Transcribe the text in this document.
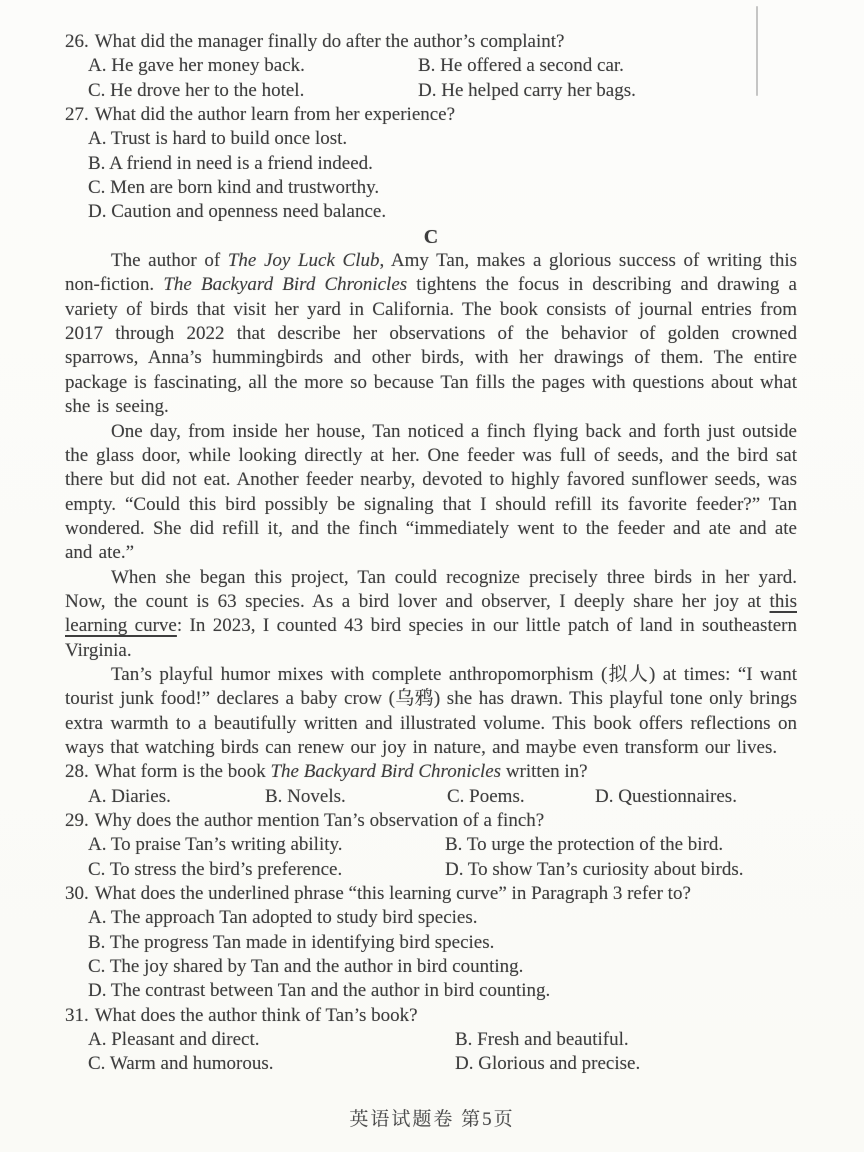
26. What did the manager finally do after the author’s complaint?
A. He gave her money back.	B. He offered a second car.
C. He drove her to the hotel.	D. He helped carry her bags.
27. What did the author learn from her experience?
A. Trust is hard to build once lost.
B. A friend in need is a friend indeed.
C. Men are born kind and trustworthy.
D. Caution and openness need balance.
C

The author of The Joy Luck Club, Amy Tan, makes a glorious success of writing this non-fiction. The Backyard Bird Chronicles tightens the focus in describing and drawing a variety of birds that visit her yard in California. The book consists of journal entries from 2017 through 2022 that describe her observations of the behavior of golden crowned sparrows, Anna’s hummingbirds and other birds, with her drawings of them. The entire package is fascinating, all the more so because Tan fills the pages with questions about what she is seeing.

One day, from inside her house, Tan noticed a finch flying back and forth just outside the glass door, while looking directly at her. One feeder was full of seeds, and the bird sat there but did not eat. Another feeder nearby, devoted to highly favored sunflower seeds, was empty. “Could this bird possibly be signaling that I should refill its favorite feeder?” Tan wondered. She did refill it, and the finch “immediately went to the feeder and ate and ate and ate.”

When she began this project, Tan could recognize precisely three birds in her yard. Now, the count is 63 species. As a bird lover and observer, I deeply share her joy at this learning curve: In 2023, I counted 43 bird species in our little patch of land in southeastern Virginia.

Tan’s playful humor mixes with complete anthropomorphism (拟人) at times: “I want tourist junk food!” declares a baby crow (乌鸦) she has drawn. This playful tone only brings extra warmth to a beautifully written and illustrated volume. This book offers reflections on ways that watching birds can renew our joy in nature, and maybe even transform our lives.

28. What form is the book The Backyard Bird Chronicles written in?
A. Diaries.	B. Novels.	C. Poems.	D. Questionnaires.
29. Why does the author mention Tan’s observation of a finch?
A. To praise Tan’s writing ability.	B. To urge the protection of the bird.
C. To stress the bird’s preference.	D. To show Tan’s curiosity about birds.
30. What does the underlined phrase “this learning curve” in Paragraph 3 refer to?
A. The approach Tan adopted to study bird species.
B. The progress Tan made in identifying bird species.
C. The joy shared by Tan and the author in bird counting.
D. The contrast between Tan and the author in bird counting.
31. What does the author think of Tan’s book?
A. Pleasant and direct.	B. Fresh and beautiful.
C. Warm and humorous.	D. Glorious and precise.
英语试题卷 第5页
